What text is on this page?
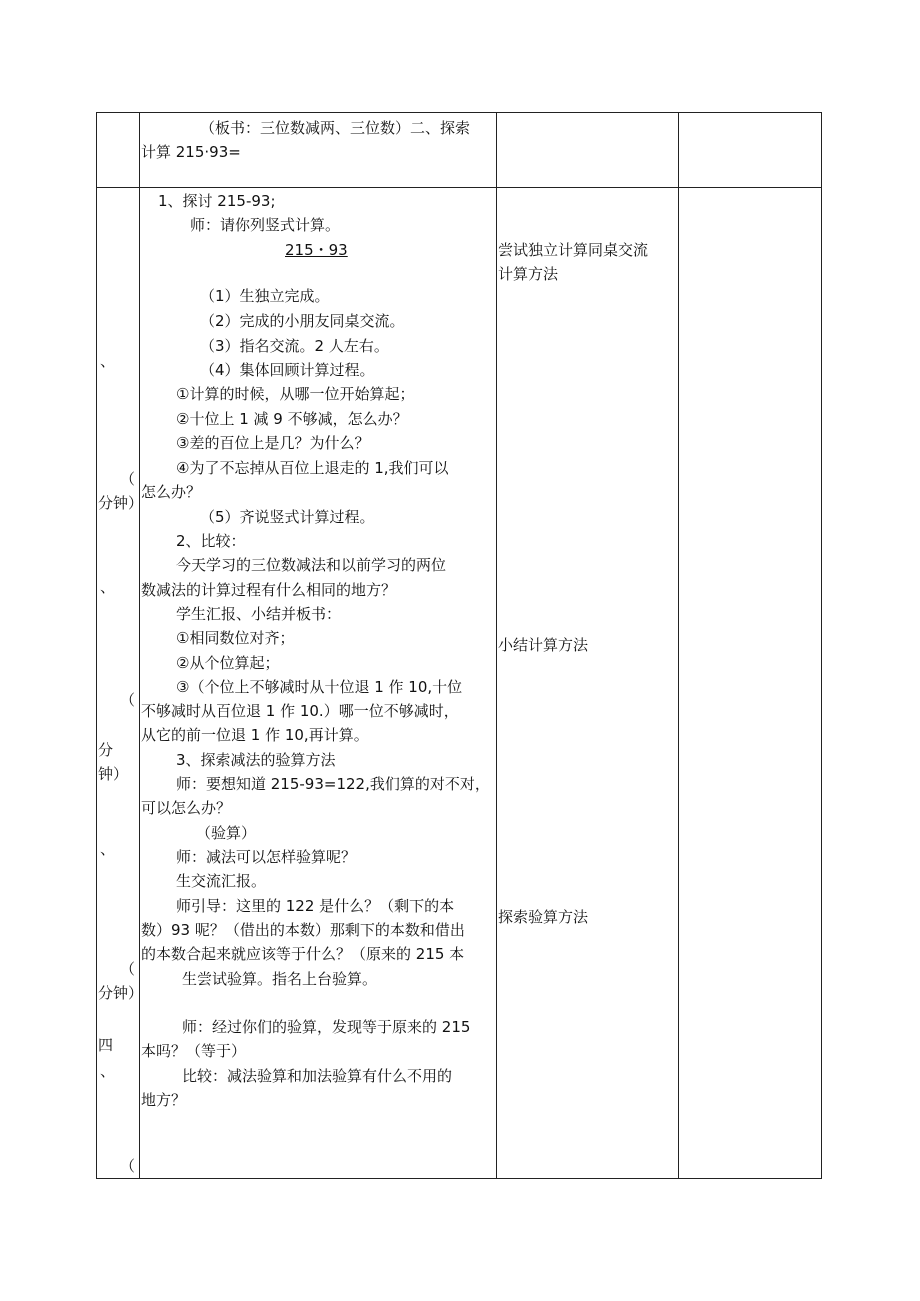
（板书：三位数减两、三位数）二、探索
计算 215·93=
、
（
分钟）
、
（
分
钟）
、
（
分钟）
四
、
（
1、探讨 215-93;
师：请你列竖式计算。
215・93
（1）生独立完成。
（2）完成的小朋友同桌交流。
（3）指名交流。2 人左右。
（4）集体回顾计算过程。
①计算的时候，从哪一位开始算起；
②十位上 1 减 9 不够减，怎么办？
③差的百位上是几？为什么？
④为了不忘掉从百位上退走的 1,我们可以
怎么办？
（5）齐说竖式计算过程。
2、比较：
今天学习的三位数减法和以前学习的两位
数减法的计算过程有什么相同的地方？
学生汇报、小结并板书：
①相同数位对齐；
②从个位算起；
③（个位上不够减时从十位退 1 作 10,十位
不够减时从百位退 1 作 10.）哪一位不够减时，
从它的前一位退 1 作 10,再计算。
3、探索减法的验算方法
师：要想知道 215-93=122,我们算的对不对，
可以怎么办？
（验算）
师：减法可以怎样验算呢？
生交流汇报。
师引导：这里的 122 是什么？（剩下的本
数）93 呢？（借出的本数）那剩下的本数和借出
的本数合起来就应该等于什么？（原来的 215 本
生尝试验算。指名上台验算。
师：经过你们的验算，发现等于原来的 215
本吗？（等于）
比较：减法验算和加法验算有什么不用的
地方？
尝试独立计算同桌交流
计算方法
小结计算方法
探索验算方法
